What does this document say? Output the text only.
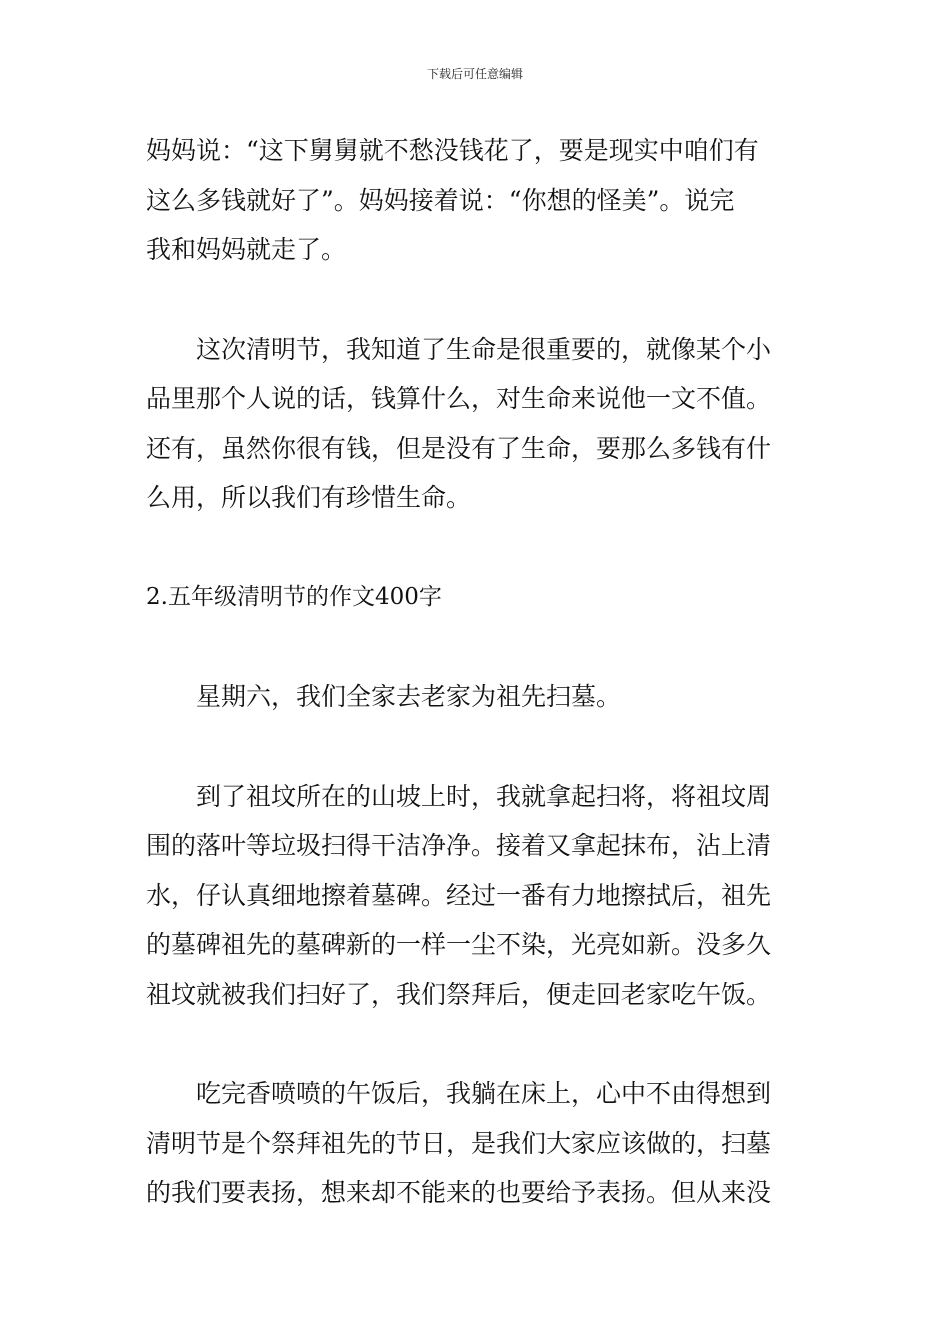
下载后可任意编辑
妈妈说：“这下舅舅就不愁没钱花了，要是现实中咱们有
这么多钱就好了”。妈妈接着说：“你想的怪美”。说完
我和妈妈就走了。
这次清明节，我知道了生命是很重要的，就像某个小
品里那个人说的话，钱算什么，对生命来说他一文不值。
还有，虽然你很有钱，但是没有了生命，要那么多钱有什
么用，所以我们有珍惜生命。
2.五年级清明节的作文400字
星期六，我们全家去老家为祖先扫墓。
到了祖坟所在的山坡上时，我就拿起扫将，将祖坟周
围的落叶等垃圾扫得干洁净净。接着又拿起抹布，沾上清
水，仔认真细地擦着墓碑。经过一番有力地擦拭后，祖先
的墓碑祖先的墓碑新的一样一尘不染，光亮如新。没多久
祖坟就被我们扫好了，我们祭拜后，便走回老家吃午饭。
吃完香喷喷的午饭后，我躺在床上，心中不由得想到
清明节是个祭拜祖先的节日，是我们大家应该做的，扫墓
的我们要表扬，想来却不能来的也要给予表扬。但从来没
